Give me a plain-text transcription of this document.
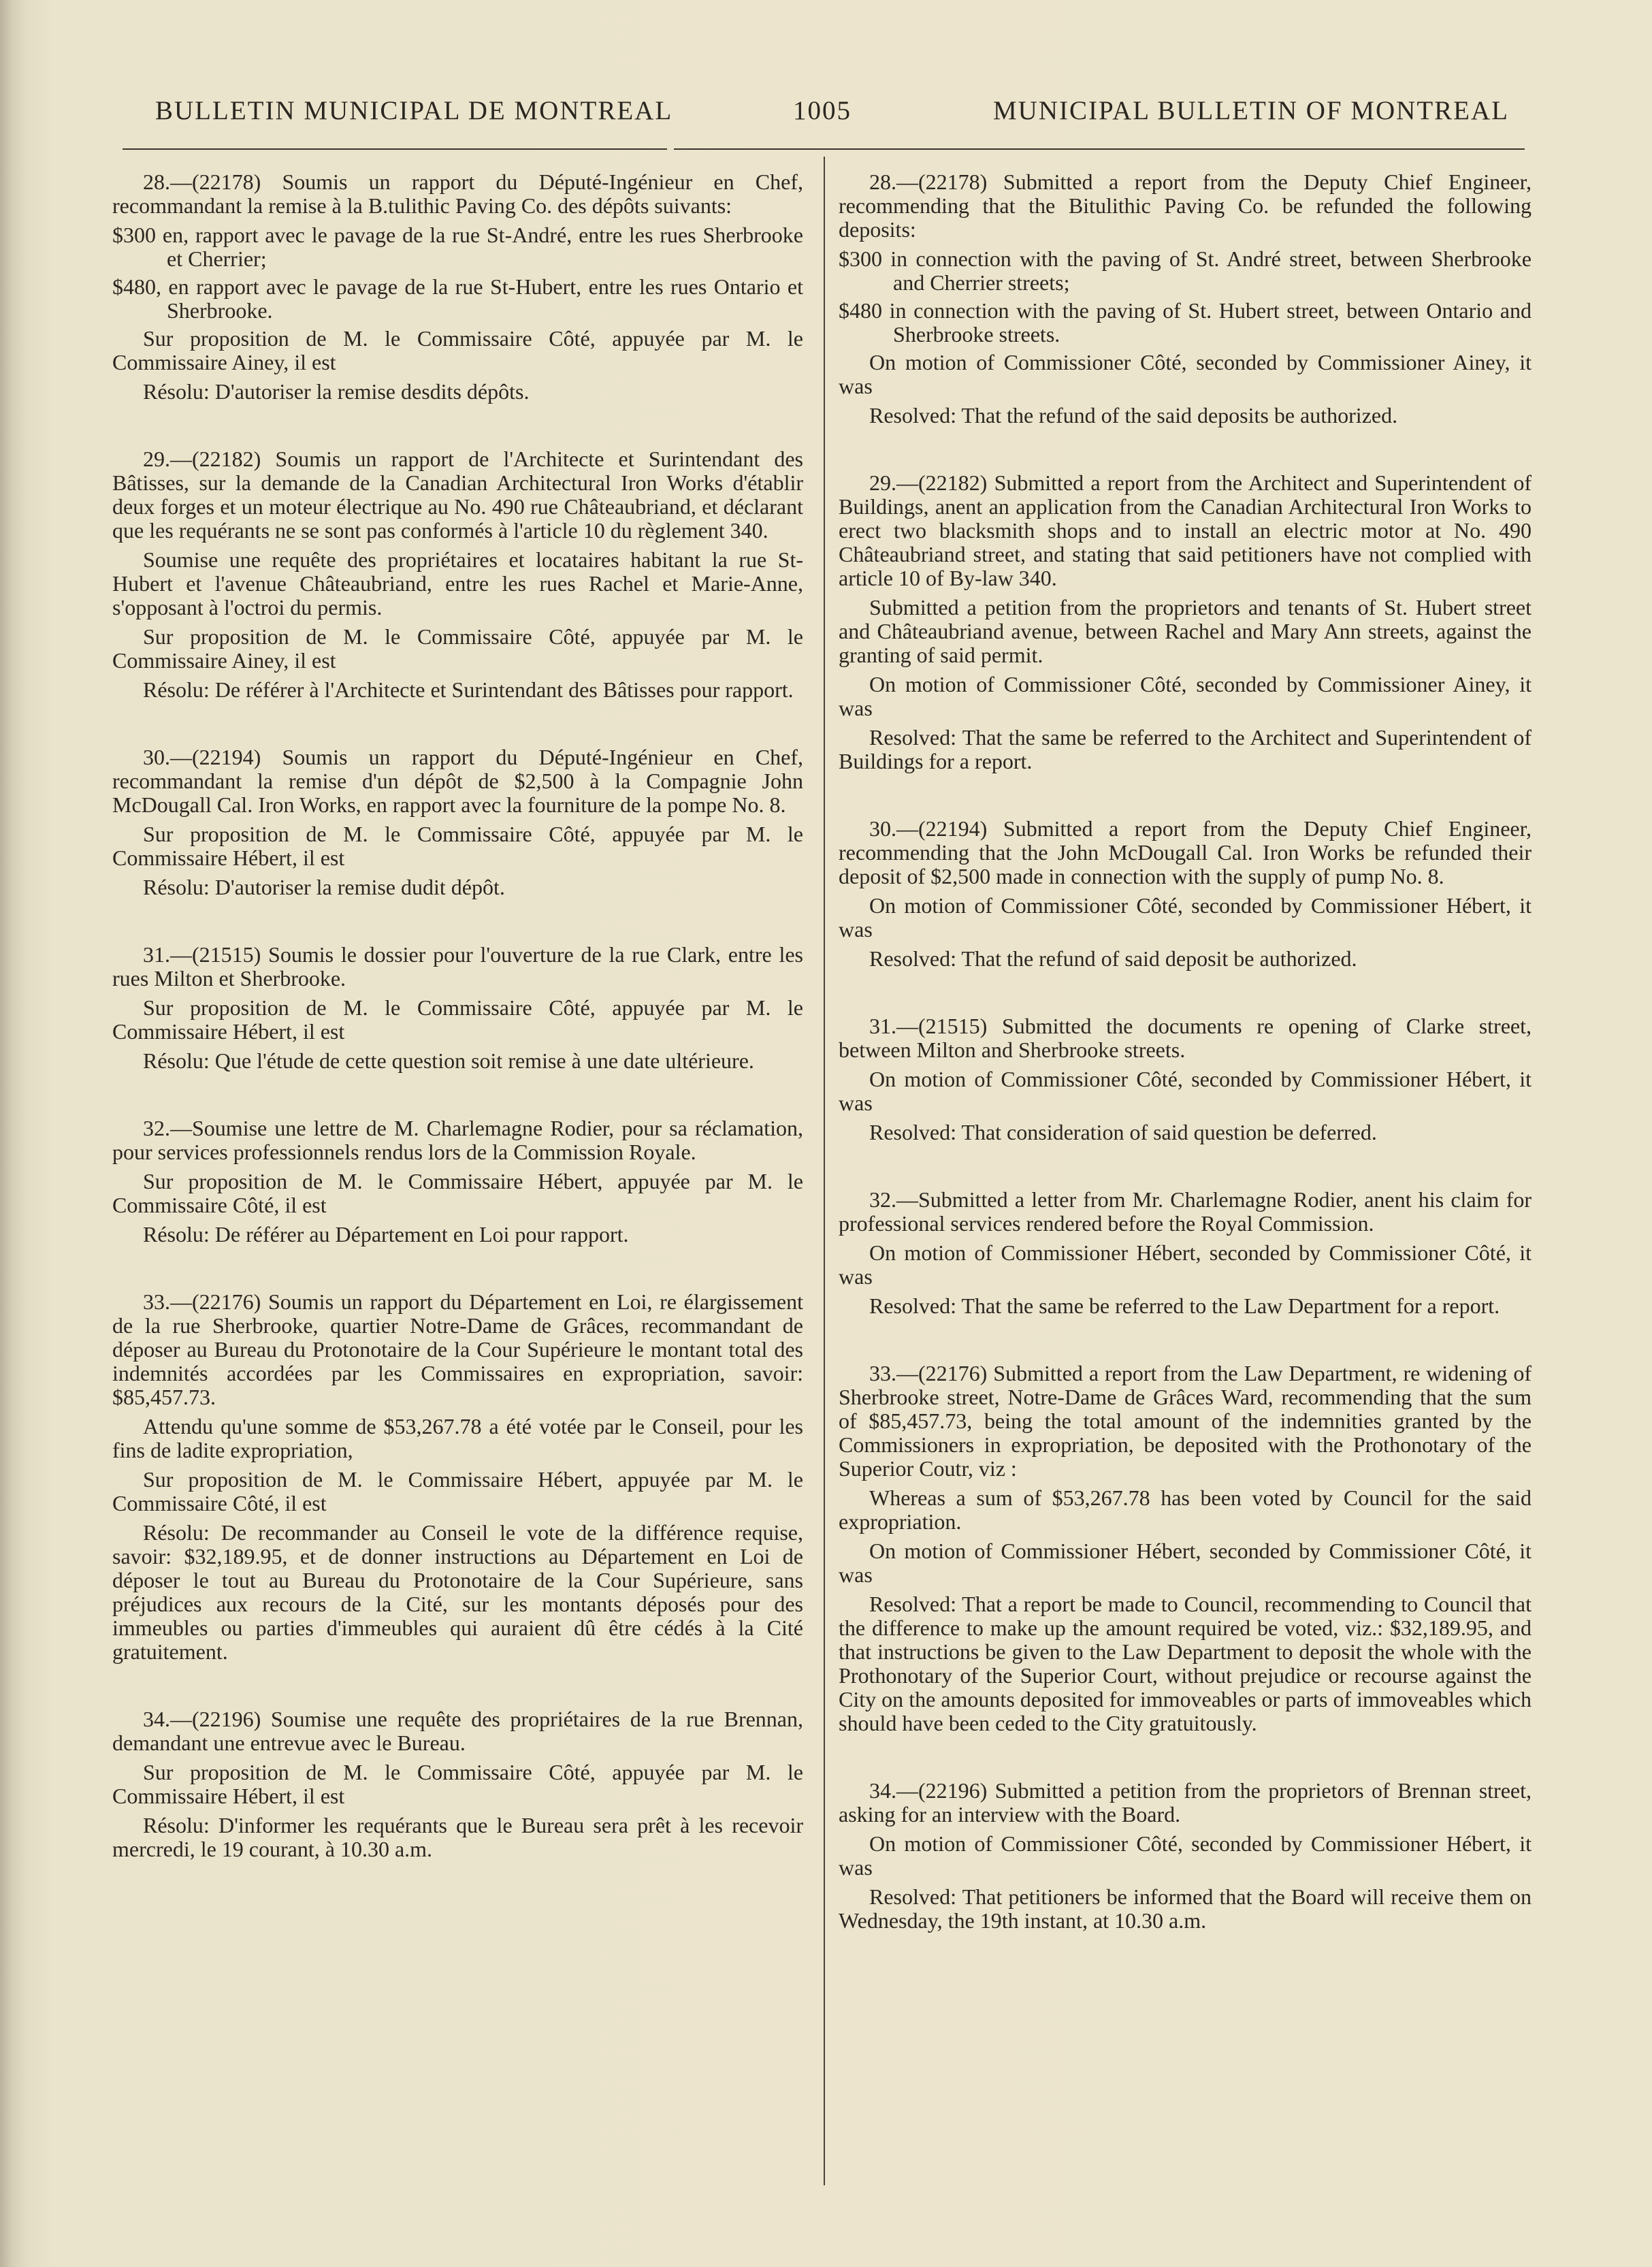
BULLETIN MUNICIPAL DE MONTREAL	1005	MUNICIPAL BULLETIN OF MONTREAL

28.—(22178) Soumis un rapport du Député-Ingénieur en Chef, recommandant la remise à la B.tulithic Paving Co. des dépôts suivants:

$300 en, rapport avec le pavage de la rue St-André, entre les rues Sherbrooke et Cherrier;

$480, en rapport avec le pavage de la rue St-Hubert, entre les rues Ontario et Sherbrooke.

Sur proposition de M. le Commissaire Côté, appuyée par M. le Commissaire Ainey, il est

Résolu: D'autoriser la remise desdits dépôts.

29.—(22182) Soumis un rapport de l'Architecte et Surintendant des Bâtisses, sur la demande de la Canadian Architectural Iron Works d'établir deux forges et un moteur électrique au No. 490 rue Châteaubriand, et déclarant que les requérants ne se sont pas conformés à l'article 10 du règlement 340.

Soumise une requête des propriétaires et locataires habitant la rue St-Hubert et l'avenue Châteaubriand, entre les rues Rachel et Marie-Anne, s'opposant à l'octroi du permis.

Sur proposition de M. le Commissaire Côté, appuyée par M. le Commissaire Ainey, il est

Résolu: De référer à l'Architecte et Surintendant des Bâtisses pour rapport.

30.—(22194) Soumis un rapport du Député-Ingénieur en Chef, recommandant la remise d'un dépôt de $2,500 à la Compagnie John McDougall Cal. Iron Works, en rapport avec la fourniture de la pompe No. 8.

Sur proposition de M. le Commissaire Côté, appuyée par M. le Commissaire Hébert, il est

Résolu: D'autoriser la remise dudit dépôt.

31.—(21515) Soumis le dossier pour l'ouverture de la rue Clark, entre les rues Milton et Sherbrooke.

Sur proposition de M. le Commissaire Côté, appuyée par M. le Commissaire Hébert, il est

Résolu: Que l'étude de cette question soit remise à une date ultérieure.

32.—Soumise une lettre de M. Charlemagne Rodier, pour sa réclamation, pour services professionnels rendus lors de la Commission Royale.

Sur proposition de M. le Commissaire Hébert, appuyée par M. le Commissaire Côté, il est

Résolu: De référer au Département en Loi pour rapport.

33.—(22176) Soumis un rapport du Département en Loi, re élargissement de la rue Sherbrooke, quartier Notre-Dame de Grâces, recommandant de déposer au Bureau du Protonotaire de la Cour Supérieure le montant total des indemnités accordées par les Commissaires en expropriation, savoir: $85,457.73.

Attendu qu'une somme de $53,267.78 a été votée par le Conseil, pour les fins de ladite expropriation,

Sur proposition de M. le Commissaire Hébert, appuyée par M. le Commissaire Côté, il est

Résolu: De recommander au Conseil le vote de la différence requise, savoir: $32,189.95, et de donner instructions au Département en Loi de déposer le tout au Bureau du Protonotaire de la Cour Supérieure, sans préjudices aux recours de la Cité, sur les montants déposés pour des immeubles ou parties d'immeubles qui auraient dû être cédés à la Cité gratuitement.

34.—(22196) Soumise une requête des propriétaires de la rue Brennan, demandant une entrevue avec le Bureau.

Sur proposition de M. le Commissaire Côté, appuyée par M. le Commissaire Hébert, il est

Résolu: D'informer les requérants que le Bureau sera prêt à les recevoir mercredi, le 19 courant, à 10.30 a.m.

28.—(22178) Submitted a report from the Deputy Chief Engineer, recommending that the Bitulithic Paving Co. be refunded the following deposits:

$300 in connection with the paving of St. André street, between Sherbrooke and Cherrier streets;

$480 in connection with the paving of St. Hubert street, between Ontario and Sherbrooke streets.

On motion of Commissioner Côté, seconded by Commissioner Ainey, it was

Resolved: That the refund of the said deposits be authorized.

29.—(22182) Submitted a report from the Architect and Superintendent of Buildings, anent an application from the Canadian Architectural Iron Works to erect two blacksmith shops and to install an electric motor at No. 490 Châteaubriand street, and stating that said petitioners have not complied with article 10 of By-law 340.

Submitted a petition from the proprietors and tenants of St. Hubert street and Châteaubriand avenue, between Rachel and Mary Ann streets, against the granting of said permit.

On motion of Commissioner Côté, seconded by Commissioner Ainey, it was

Resolved: That the same be referred to the Architect and Superintendent of Buildings for a report.

30.—(22194) Submitted a report from the Deputy Chief Engineer, recommending that the John McDougall Cal. Iron Works be refunded their deposit of $2,500 made in connection with the supply of pump No. 8.

On motion of Commissioner Côté, seconded by Commissioner Hébert, it was

Resolved: That the refund of said deposit be authorized.

31.—(21515) Submitted the documents re opening of Clarke street, between Milton and Sherbrooke streets.

On motion of Commissioner Côté, seconded by Commissioner Hébert, it was

Resolved: That consideration of said question be deferred.

32.—Submitted a letter from Mr. Charlemagne Rodier, anent his claim for professional services rendered before the Royal Commission.

On motion of Commissioner Hébert, seconded by Commissioner Côté, it was

Resolved: That the same be referred to the Law Department for a report.

33.—(22176) Submitted a report from the Law Department, re widening of Sherbrooke street, Notre-Dame de Grâces Ward, recommending that the sum of $85,457.73, being the total amount of the indemnities granted by the Commissioners in expropriation, be deposited with the Prothonotary of the Superior Coutr, viz :

Whereas a sum of $53,267.78 has been voted by Council for the said expropriation.

On motion of Commissioner Hébert, seconded by Commissioner Côté, it was

Resolved: That a report be made to Council, recommending to Council that the difference to make up the amount required be voted, viz.: $32,189.95, and that instructions be given to the Law Department to deposit the whole with the Prothonotary of the Superior Court, without prejudice or recourse against the City on the amounts deposited for immoveables or parts of immoveables which should have been ceded to the City gratuitously.

34.—(22196) Submitted a petition from the proprietors of Brennan street, asking for an interview with the Board.

On motion of Commissioner Côté, seconded by Commissioner Hébert, it was

Resolved: That petitioners be informed that the Board will receive them on Wednesday, the 19th instant, at 10.30 a.m.
